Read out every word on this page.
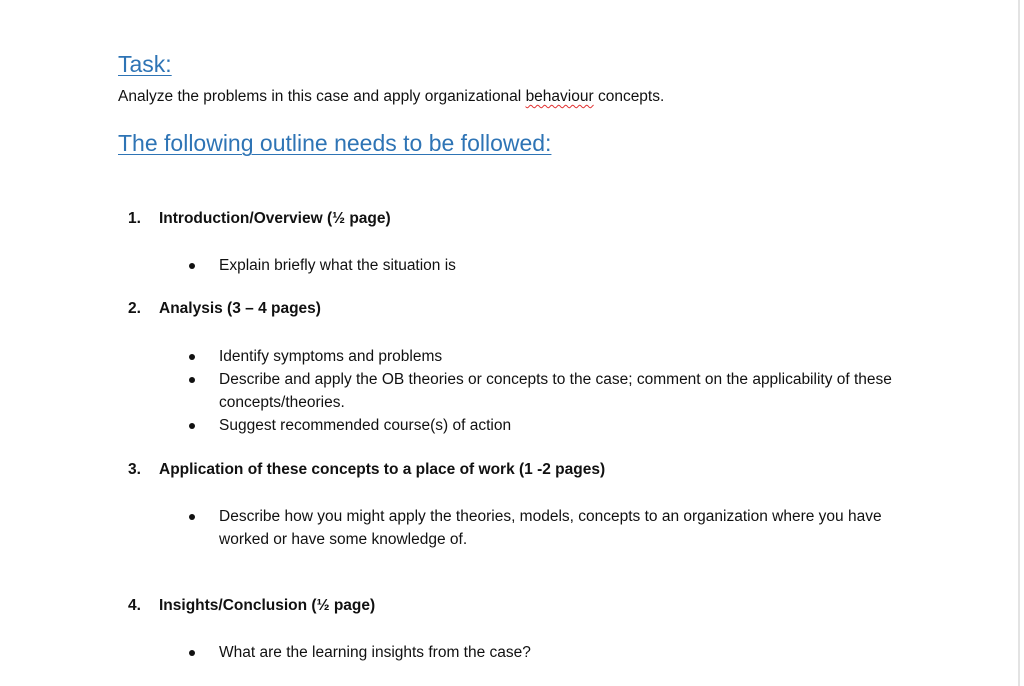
Task:
Analyze the problems in this case and apply organizational behaviour concepts.
The following outline needs to be followed:
1. Introduction/Overview (½ page)
Explain briefly what the situation is
2. Analysis (3 – 4 pages)
Identify symptoms and problems
Describe and apply the OB theories or concepts to the case; comment on the applicability of these concepts/theories.
Suggest recommended course(s) of action
3. Application of these concepts to a place of work (1 -2 pages)
Describe how you might apply the theories, models, concepts to an organization where you have worked or have some knowledge of.
4. Insights/Conclusion (½ page)
What are the learning insights from the case?
